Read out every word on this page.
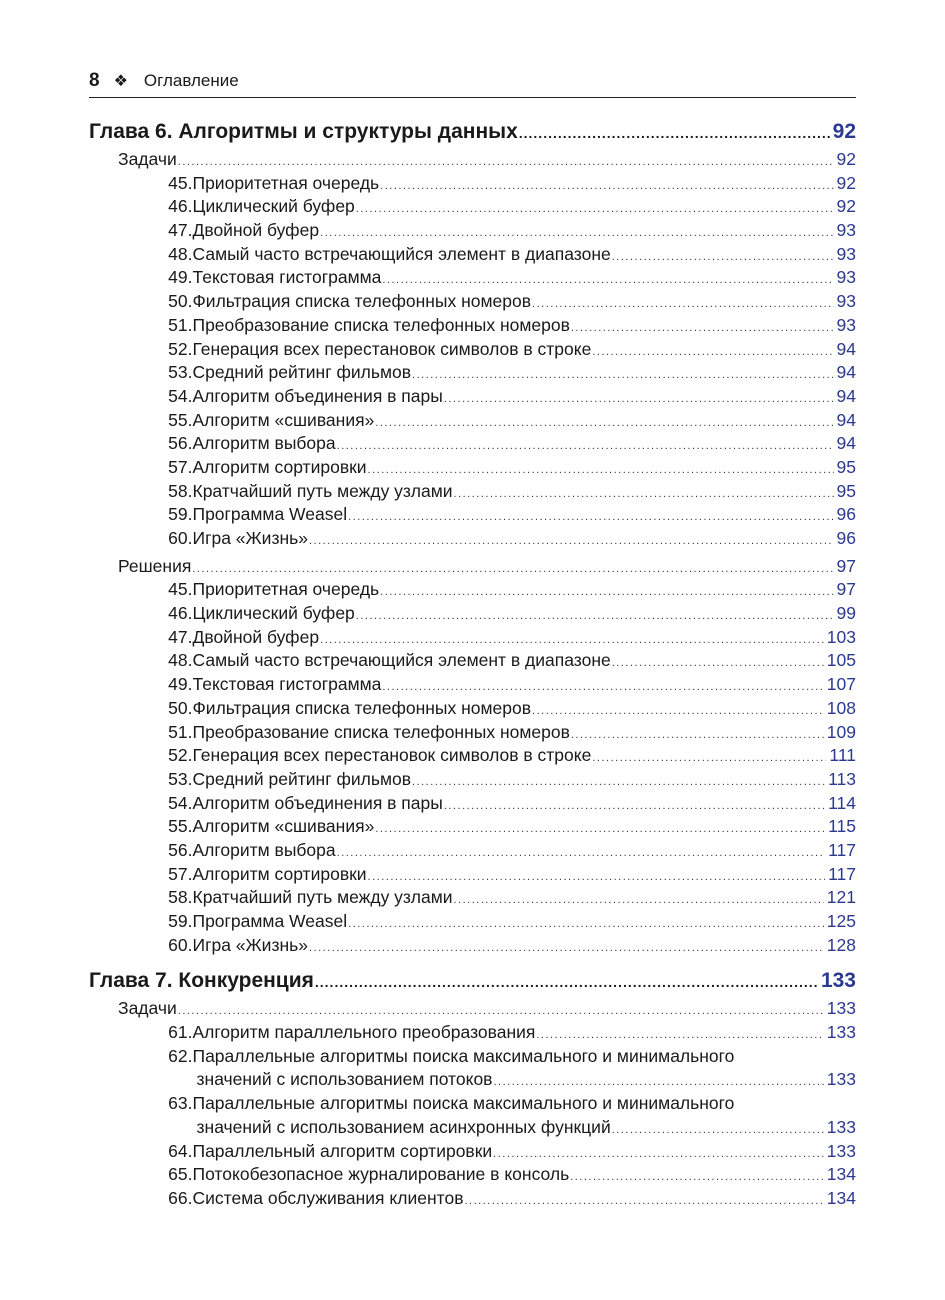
8 ❖ Оглавление
Глава 6. Алгоритмы и структуры данных .....	92
Задачи .....	92
45. Приоритетная очередь .....	92
46. Циклический буфер .....	92
47. Двойной буфер .....	93
48. Самый часто встречающийся элемент в диапазоне .....	93
49. Текстовая гистограмма .....	93
50. Фильтрация списка телефонных номеров .....	93
51. Преобразование списка телефонных номеров .....	93
52. Генерация всех перестановок символов в строке .....	94
53. Средний рейтинг фильмов .....	94
54. Алгоритм объединения в пары .....	94
55. Алгоритм «сшивания» .....	94
56. Алгоритм выбора .....	94
57. Алгоритм сортировки .....	95
58. Кратчайший путь между узлами .....	95
59. Программа Weasel .....	96
60. Игра «Жизнь» .....	96
Решения .....	97
45. Приоритетная очередь .....	97
46. Циклический буфер .....	99
47. Двойной буфер .....	103
48. Самый часто встречающийся элемент в диапазоне .....	105
49. Текстовая гистограмма .....	107
50. Фильтрация списка телефонных номеров .....	108
51. Преобразование списка телефонных номеров .....	109
52. Генерация всех перестановок символов в строке .....	111
53. Средний рейтинг фильмов .....	113
54. Алгоритм объединения в пары .....	114
55. Алгоритм «сшивания» .....	115
56. Алгоритм выбора .....	117
57. Алгоритм сортировки .....	117
58. Кратчайший путь между узлами .....	121
59. Программа Weasel .....	125
60. Игра «Жизнь» .....	128
Глава 7. Конкуренция .....	133
Задачи .....	133
61. Алгоритм параллельного преобразования .....	133
62. Параллельные алгоритмы поиска максимального и минимального
значений с использованием потоков .....	133
63. Параллельные алгоритмы поиска максимального и минимального
значений с использованием асинхронных функций .....	133
64. Параллельный алгоритм сортировки .....	133
65. Потокобезопасное журналирование в консоль .....	134
66. Система обслуживания клиентов .....	134
